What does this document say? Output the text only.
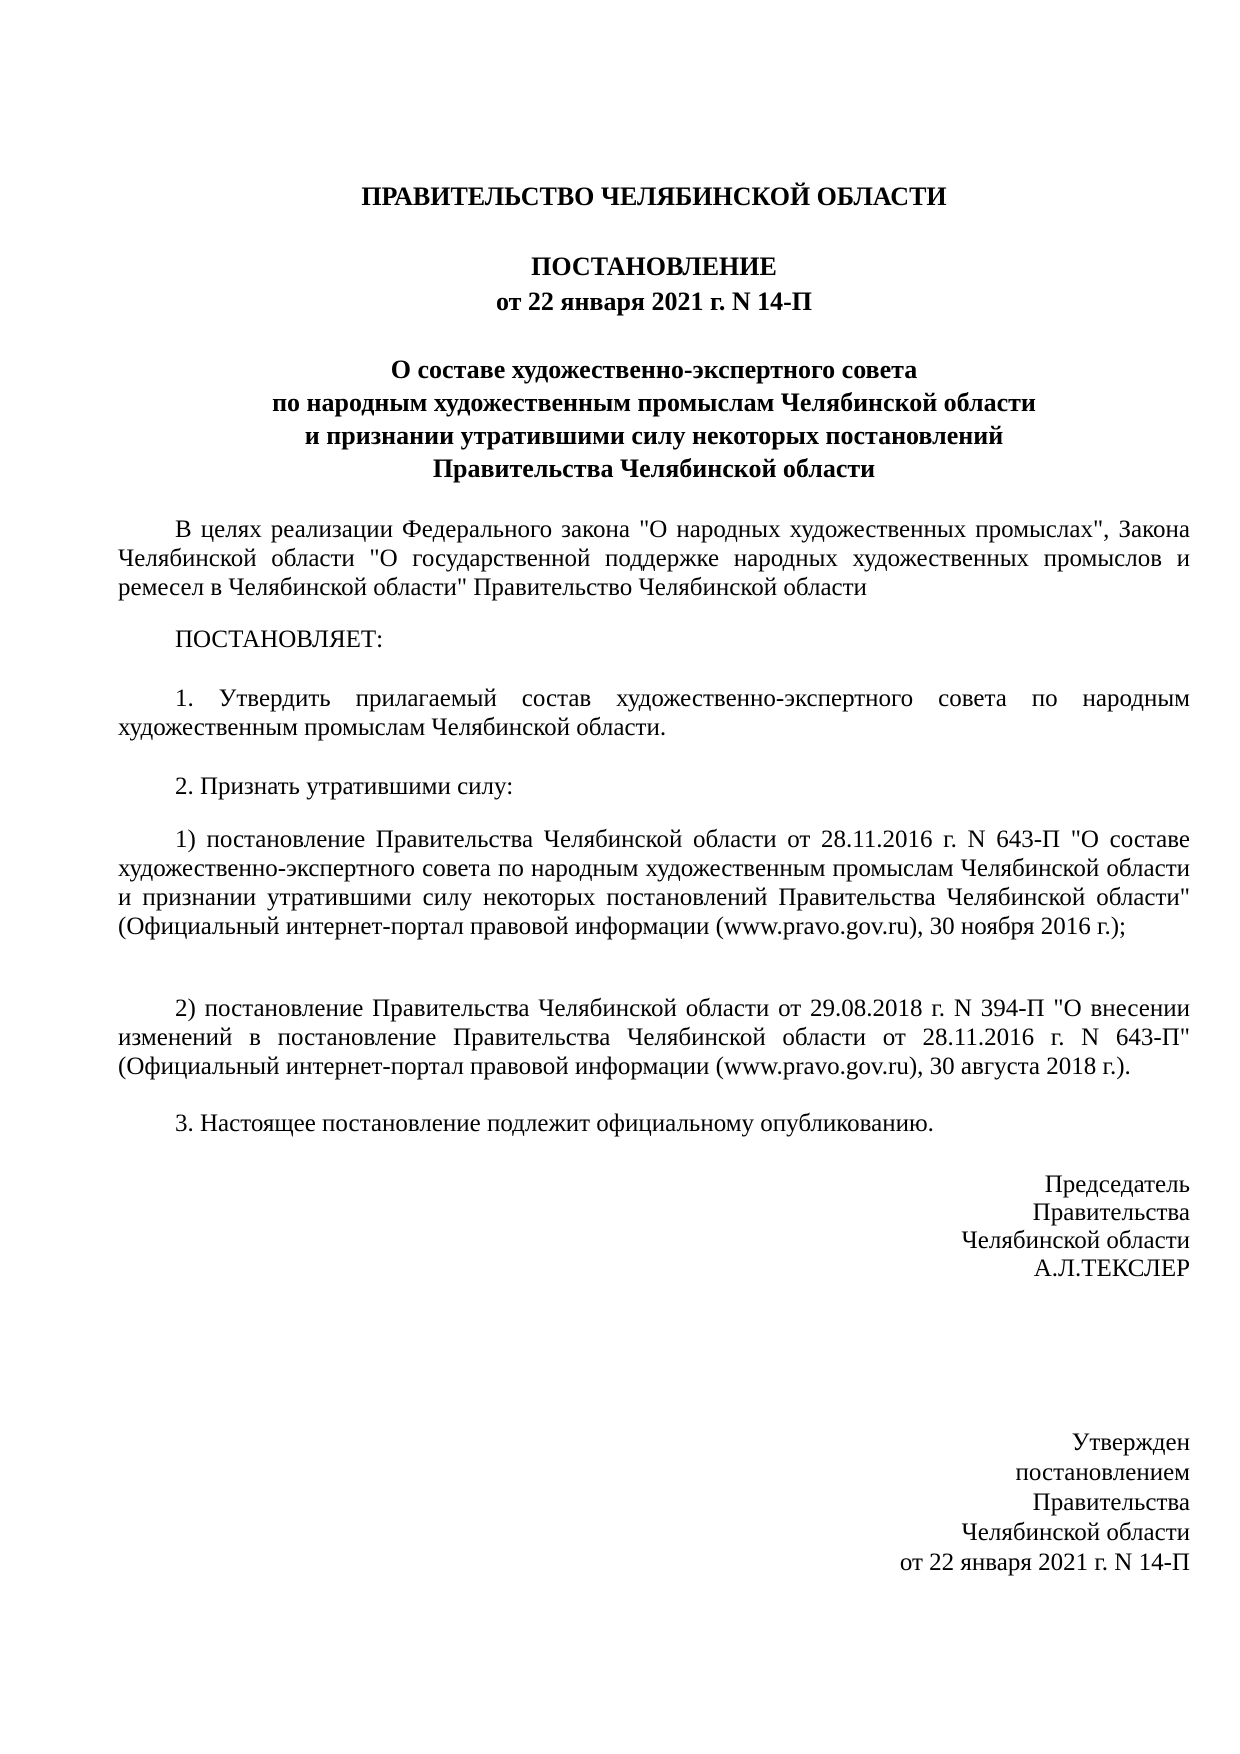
ПРАВИТЕЛЬСТВО ЧЕЛЯБИНСКОЙ ОБЛАСТИ
ПОСТАНОВЛЕНИЕ
от 22 января 2021 г. N 14-П
О составе художественно-экспертного совета
по народным художественным промыслам Челябинской области
и признании утратившими силу некоторых постановлений
Правительства Челябинской области
В целях реализации Федерального закона "О народных художественных промыслах", Закона Челябинской области "О государственной поддержке народных художественных промыслов и ремесел в Челябинской области" Правительство Челябинской области
ПОСТАНОВЛЯЕТ:
1. Утвердить прилагаемый состав художественно-экспертного совета по народным художественным промыслам Челябинской области.
2. Признать утратившими силу:
1) постановление Правительства Челябинской области от 28.11.2016 г. N 643-П "О составе художественно-экспертного совета по народным художественным промыслам Челябинской области и признании утратившими силу некоторых постановлений Правительства Челябинской области" (Официальный интернет-портал правовой информации (www.pravo.gov.ru), 30 ноября 2016 г.);
2) постановление Правительства Челябинской области от 29.08.2018 г. N 394-П "О внесении изменений в постановление Правительства Челябинской области от 28.11.2016 г. N 643-П" (Официальный интернет-портал правовой информации (www.pravo.gov.ru), 30 августа 2018 г.).
3. Настоящее постановление подлежит официальному опубликованию.
Председатель
Правительства
Челябинской области
А.Л.ТЕКСЛЕР
Утвержден
постановлением
Правительства
Челябинской области
от 22 января 2021 г. N 14-П
